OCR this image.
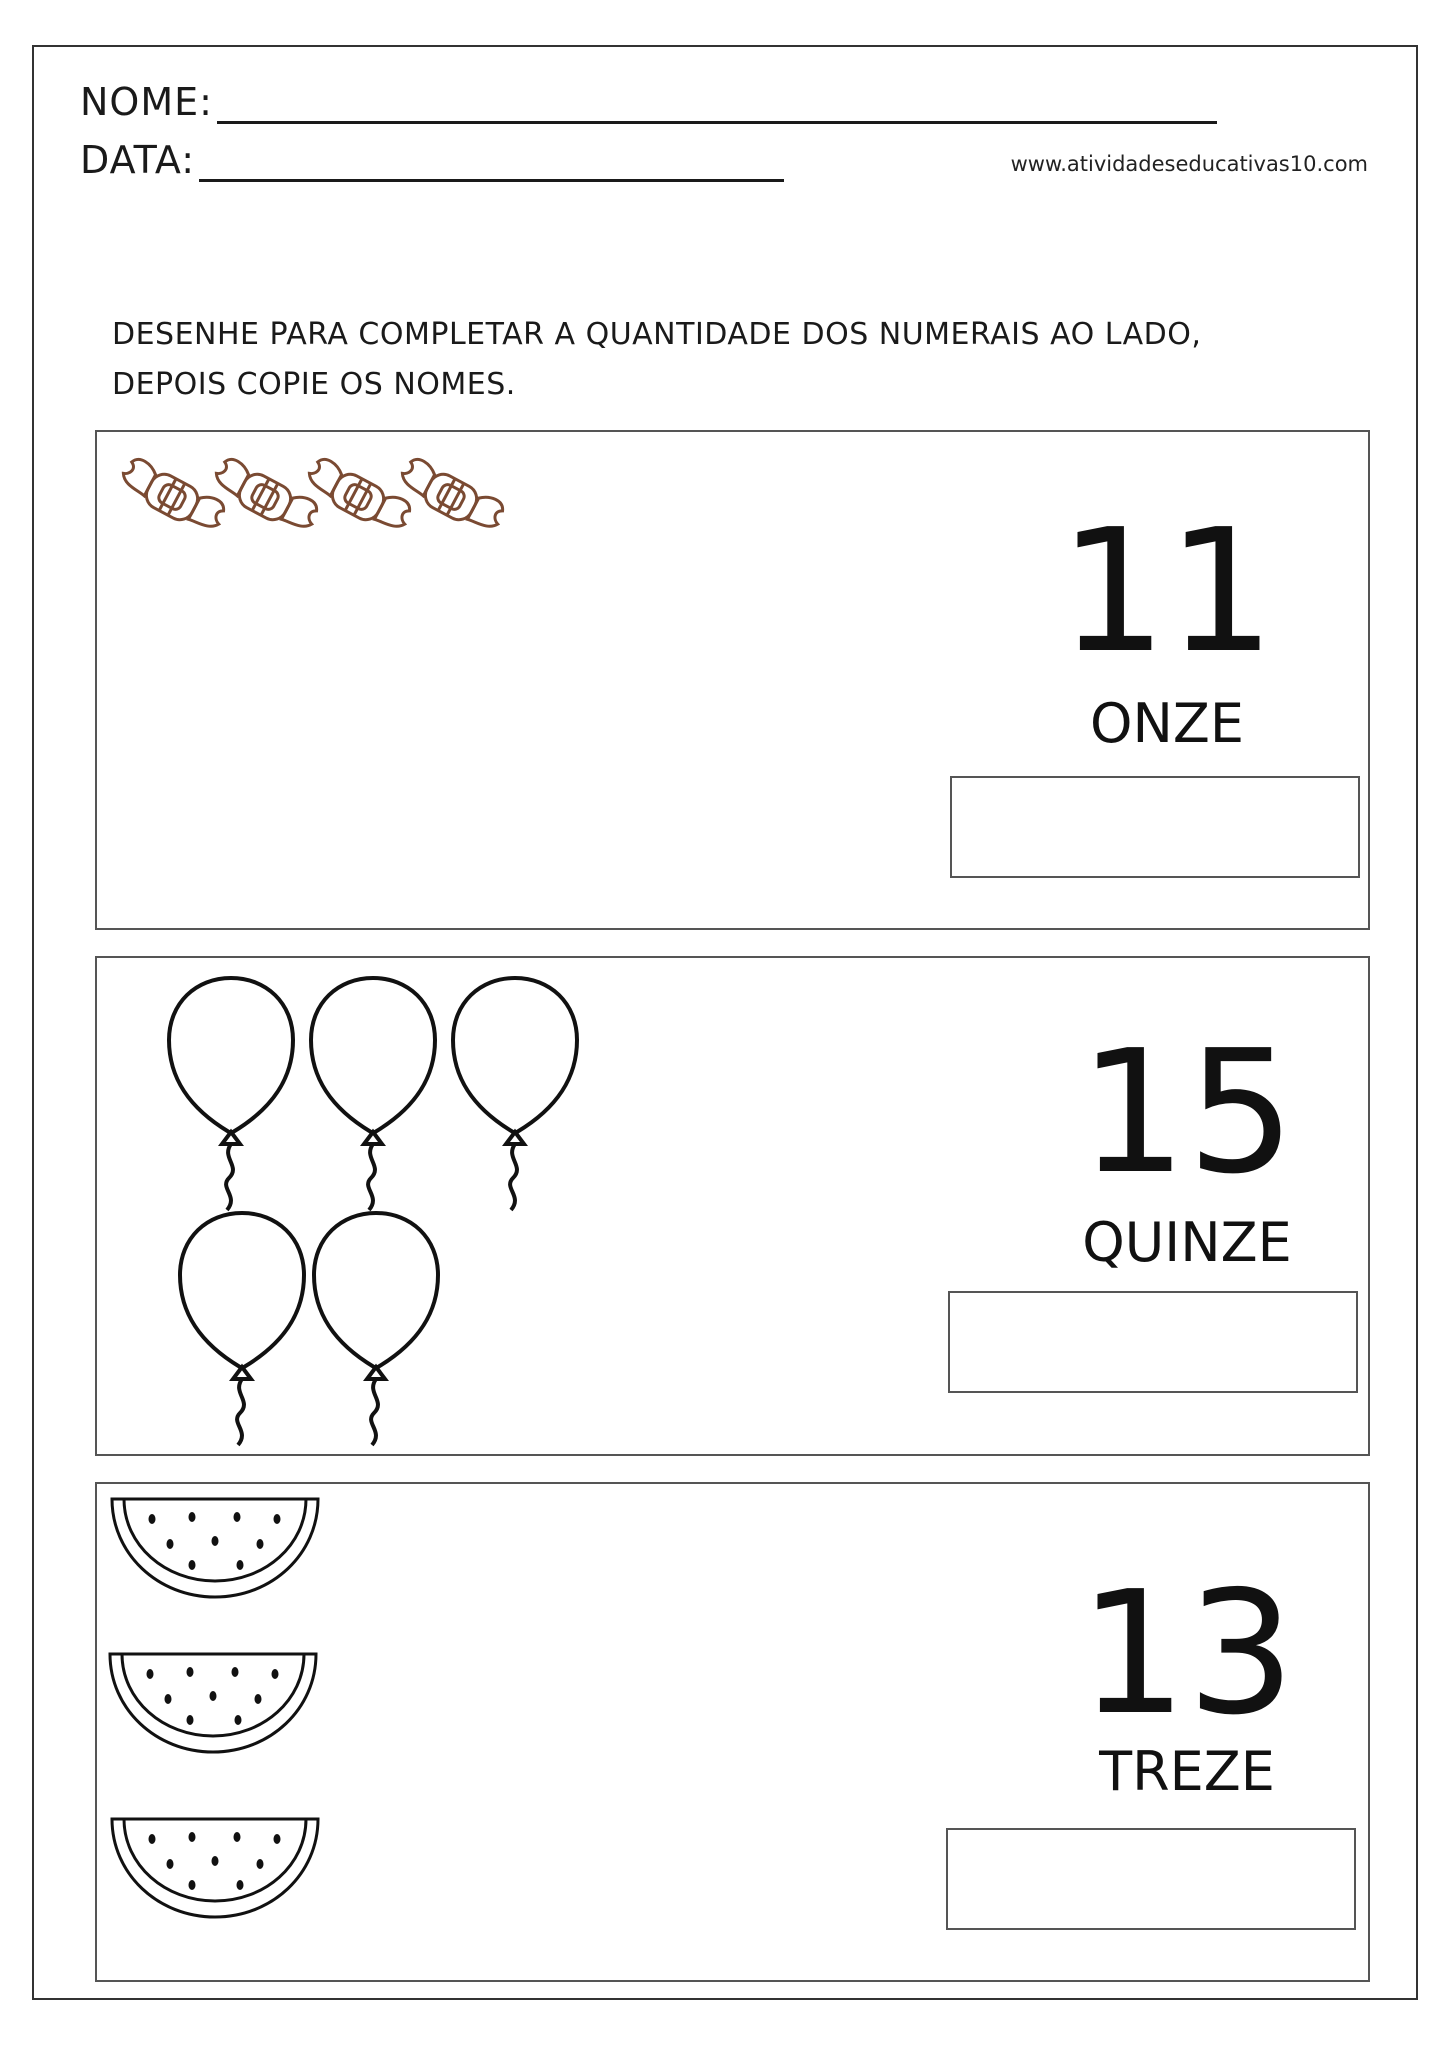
NOME:
DATA:	www.atividadeseducativas10.com
DESENHE PARA COMPLETAR A QUANTIDADE DOS NUMERAIS AO LADO,
DEPOIS COPIE OS NOMES.
11
ONZE
15
QUINZE
13
TREZE
